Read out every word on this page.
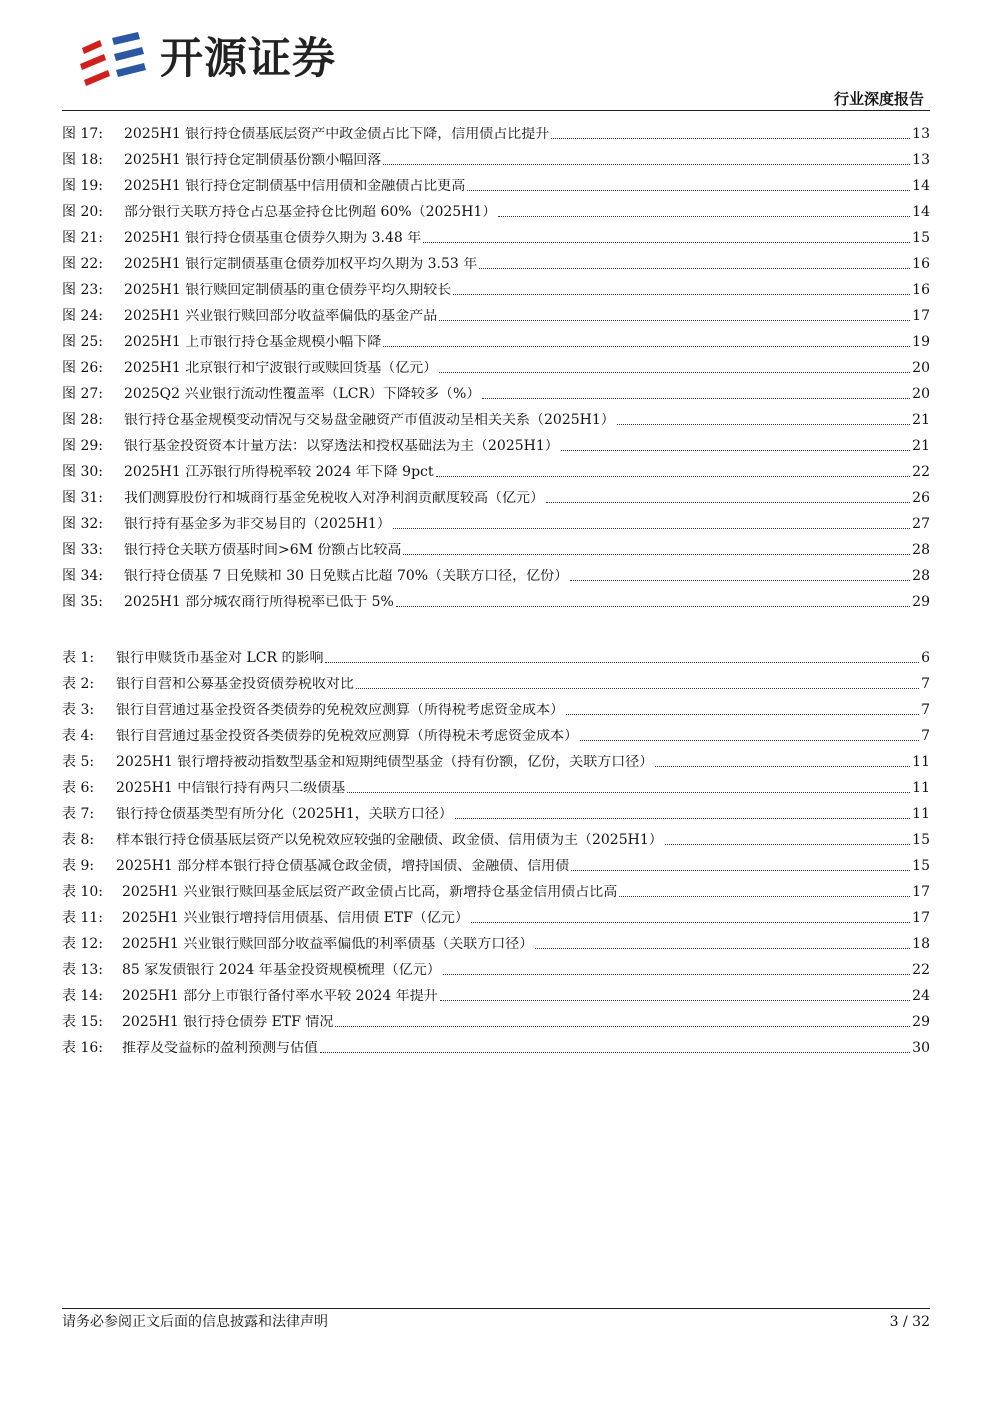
开源证券
行业深度报告
图 17:	2025H1 银行持仓债基底层资产中政金债占比下降，信用债占比提升	13
图 18:	2025H1 银行持仓定制债基份额小幅回落	13
图 19:	2025H1 银行持仓定制债基中信用债和金融债占比更高	14
图 20:	部分银行关联方持仓占总基金持仓比例超 60%（2025H1）	14
图 21:	2025H1 银行持仓债基重仓债券久期为 3.48 年	15
图 22:	2025H1 银行定制债基重仓债券加权平均久期为 3.53 年	16
图 23:	2025H1 银行赎回定制债基的重仓债券平均久期较长	16
图 24:	2025H1 兴业银行赎回部分收益率偏低的基金产品	17
图 25:	2025H1 上市银行持仓基金规模小幅下降	19
图 26:	2025H1 北京银行和宁波银行或赎回货基（亿元）	20
图 27:	2025Q2 兴业银行流动性覆盖率（LCR）下降较多（%）	20
图 28:	银行持仓基金规模变动情况与交易盘金融资产市值波动呈相关关系（2025H1）	21
图 29:	银行基金投资资本计量方法：以穿透法和授权基础法为主（2025H1）	21
图 30:	2025H1 江苏银行所得税率较 2024 年下降 9pct	22
图 31:	我们测算股份行和城商行基金免税收入对净利润贡献度较高（亿元）	26
图 32:	银行持有基金多为非交易目的（2025H1）	27
图 33:	银行持仓关联方债基时间>6M 份额占比较高	28
图 34:	银行持仓债基 7 日免赎和 30 日免赎占比超 70%（关联方口径，亿份）	28
图 35:	2025H1 部分城农商行所得税率已低于 5%	29
表 1:	银行申赎货币基金对 LCR 的影响	6
表 2:	银行自营和公募基金投资债券税收对比	7
表 3:	银行自营通过基金投资各类债券的免税效应测算（所得税考虑资金成本）	7
表 4:	银行自营通过基金投资各类债券的免税效应测算（所得税未考虑资金成本）	7
表 5:	2025H1 银行增持被动指数型基金和短期纯债型基金（持有份额，亿份，关联方口径）	11
表 6:	2025H1 中信银行持有两只二级债基	11
表 7:	银行持仓债基类型有所分化（2025H1，关联方口径）	11
表 8:	样本银行持仓债基底层资产以免税效应较强的金融债、政金债、信用债为主（2025H1）	15
表 9:	2025H1 部分样本银行持仓债基减仓政金债，增持国债、金融债、信用债	15
表 10:	2025H1 兴业银行赎回基金底层资产政金债占比高，新增持仓基金信用债占比高	17
表 11:	2025H1 兴业银行增持信用债基、信用债 ETF（亿元）	17
表 12:	2025H1 兴业银行赎回部分收益率偏低的利率债基（关联方口径）	18
表 13:	85 家发债银行 2024 年基金投资规模梳理（亿元）	22
表 14:	2025H1 部分上市银行备付率水平较 2024 年提升	24
表 15:	2025H1 银行持仓债券 ETF 情况	29
表 16:	推荐及受益标的盈利预测与估值	30
请务必参阅正文后面的信息披露和法律声明	3 / 32
